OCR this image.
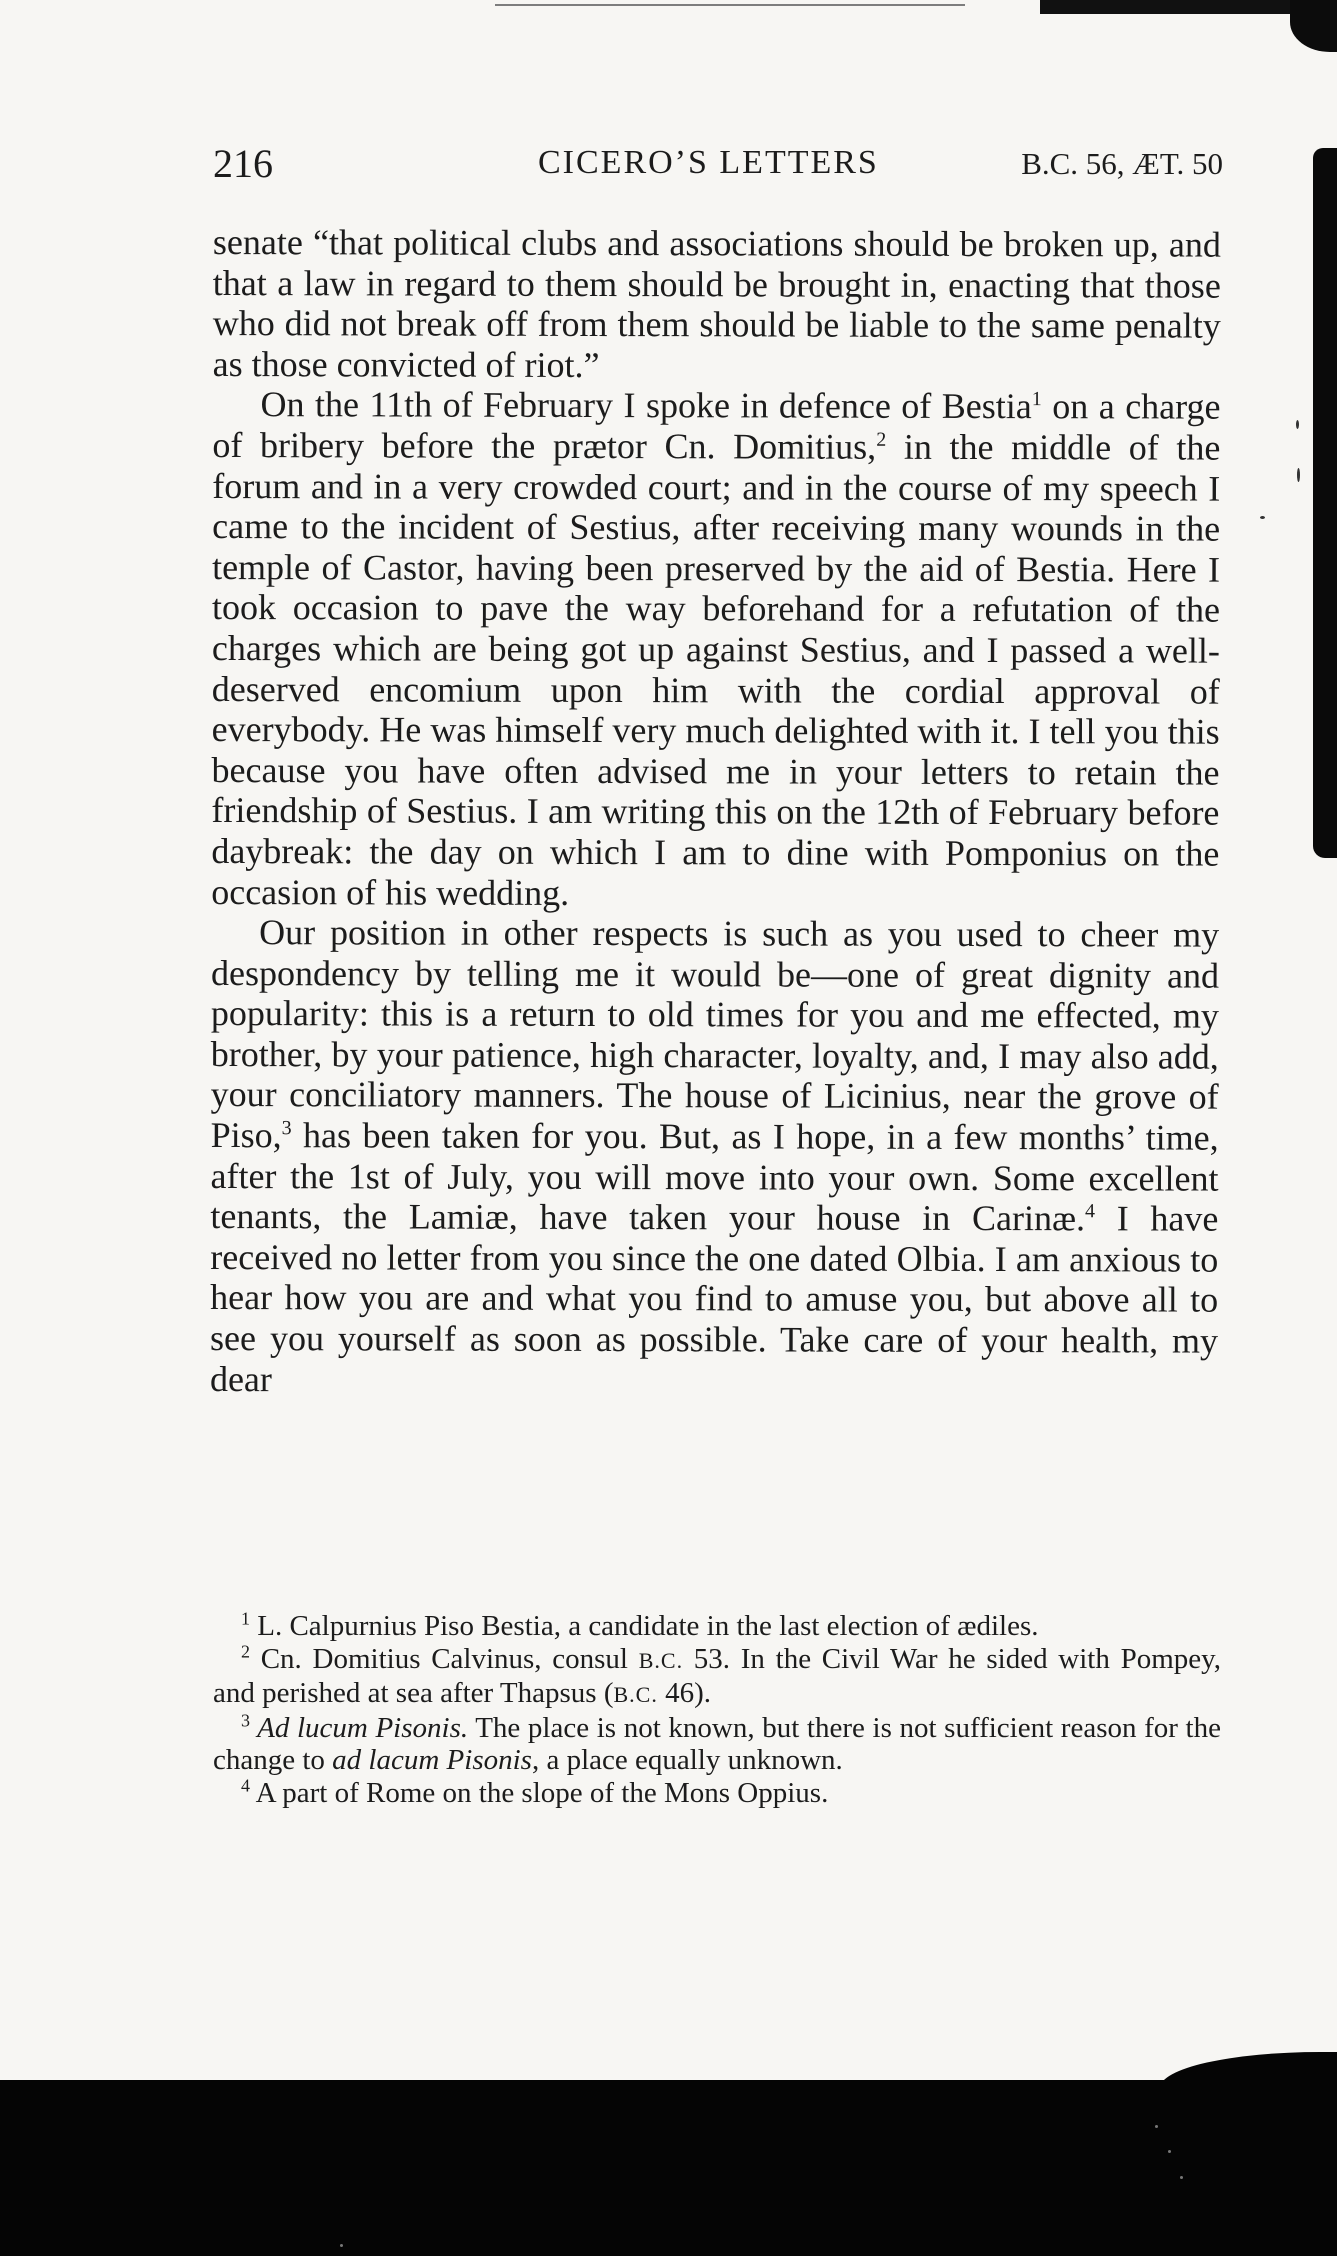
216	CICERO’S LETTERS	B.C. 56, ÆT. 50

senate “that political clubs and associations should be broken up, and that a law in regard to them should be brought in, enacting that those who did not break off from them should be liable to the same penalty as those convicted of riot.”

On the 11th of February I spoke in defence of Bestia$^1$ on a charge of bribery before the prætor Cn. Domitius,$^2$ in the middle of the forum and in a very crowded court; and in the course of my speech I came to the incident of Sestius, after receiving many wounds in the temple of Castor, having been preserved by the aid of Bestia. Here I took occasion to pave the way beforehand for a refutation of the charges which are being got up against Sestius, and I passed a well-deserved encomium upon him with the cordial approval of everybody. He was himself very much delighted with it. I tell you this because you have often advised me in your letters to retain the friendship of Sestius. I am writing this on the 12th of February before daybreak: the day on which I am to dine with Pomponius on the occasion of his wedding.

Our position in other respects is such as you used to cheer my despondency by telling me it would be—one of great dignity and popularity: this is a return to old times for you and me effected, my brother, by your patience, high character, loyalty, and, I may also add, your conciliatory manners. The house of Licinius, near the grove of Piso,$^3$ has been taken for you. But, as I hope, in a few months’ time, after the 1st of July, you will move into your own. Some excellent tenants, the Lamiæ, have taken your house in Carinæ.$^4$ I have received no letter from you since the one dated Olbia. I am anxious to hear how you are and what you find to amuse you, but above all to see you yourself as soon as possible. Take care of your health, my dear

$^1$ L. Calpurnius Piso Bestia, a candidate in the last election of ædiles.

$^2$ Cn. Domitius Calvinus, consul B.C. 53. In the Civil War he sided with Pompey, and perished at sea after Thapsus (B.C. 46).

$^3$ Ad lucum Pisonis. The place is not known, but there is not sufficient reason for the change to ad lacum Pisonis, a place equally unknown.

$^4$ A part of Rome on the slope of the Mons Oppius.
